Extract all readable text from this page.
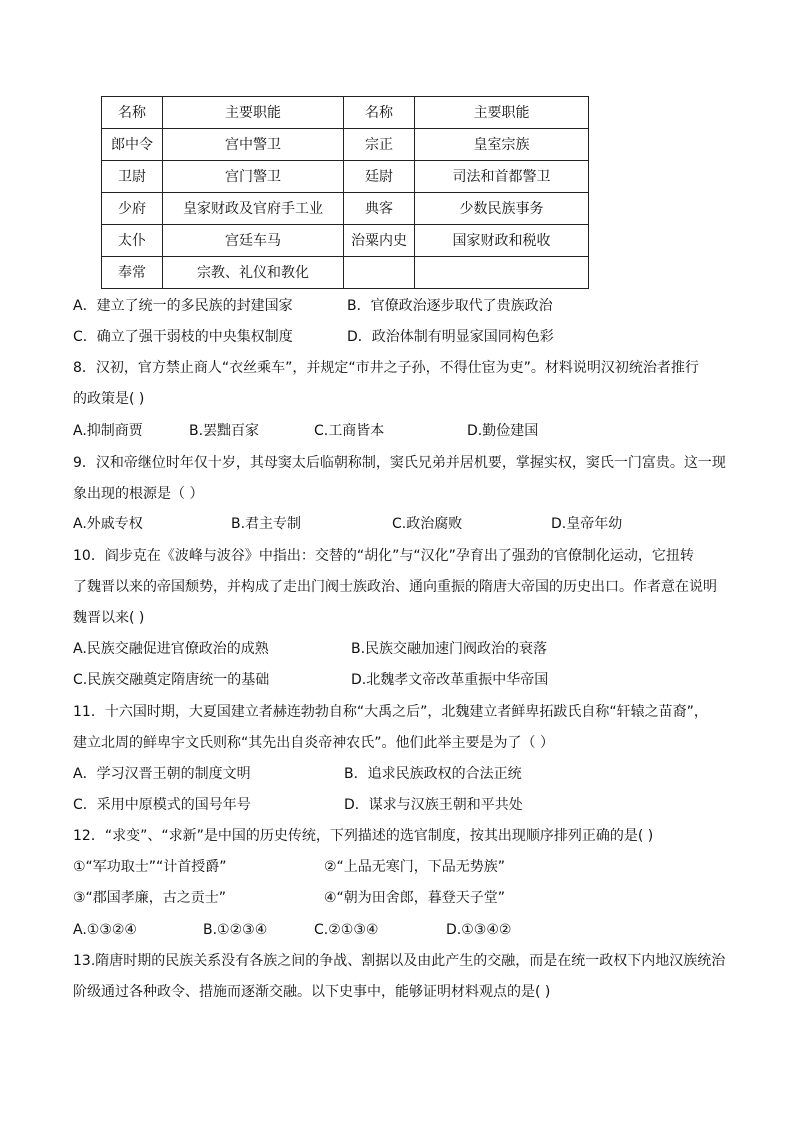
名称	主要职能	名称	主要职能
郎中令	宫中警卫	宗正	皇室宗族
卫尉	宫门警卫	廷尉	司法和首都警卫
少府	皇家财政及官府手工业	典客	少数民族事务
太仆	宫廷车马	治粟内史	国家财政和税收
奉常	宗教、礼仪和教化		
A．建立了统一的多民族的封建国家	B．官僚政治逐步取代了贵族政治
C．确立了强干弱枝的中央集权制度	D．政治体制有明显家国同构色彩
8．汉初，官方禁止商人“衣丝乘车”，并规定“市井之子孙，不得仕宦为吏”。材料说明汉初统治者推行
的政策是( )
A.抑制商贾	B.罢黜百家	C.工商皆本	D.勤俭建国
9．汉和帝继位时年仅十岁，其母窦太后临朝称制，窦氏兄弟并居机要，掌握实权，窦氏一门富贵。这一现
象出现的根源是（ ）
A.外戚专权	B.君主专制	C.政治腐败	D.皇帝年幼
10．阎步克在《波峰与波谷》中指出：交替的“胡化”与“汉化”孕育出了强劲的官僚制化运动，它扭转
了魏晋以来的帝国颓势，并构成了走出门阀士族政治、通向重振的隋唐大帝国的历史出口。作者意在说明
魏晋以来( )
A.民族交融促进官僚政治的成熟	B.民族交融加速门阀政治的衰落
C.民族交融奠定隋唐统一的基础	D.北魏孝文帝改革重振中华帝国
11．十六国时期，大夏国建立者赫连勃勃自称“大禹之后”，北魏建立者鲜卑拓跋氏自称“轩辕之苗裔”，
建立北周的鲜卑宇文氏则称“其先出自炎帝神农氏”。他们此举主要是为了（ ）
A．学习汉晋王朝的制度文明	B．追求民族政权的合法正统
C．采用中原模式的国号年号	D．谋求与汉族王朝和平共处
12．“求变”、“求新”是中国的历史传统，下列描述的选官制度，按其出现顺序排列正确的是( )
①“军功取士”“计首授爵”	②“上品无寒门，下品无势族”
③“郡国孝廉，古之贡士”	④“朝为田舍郎，暮登天子堂”
A.①③②④	B.①②③④	C.②①③④	D.①③④②
13.隋唐时期的民族关系没有各族之间的争战、割据以及由此产生的交融，而是在统一政权下内地汉族统治
阶级通过各种政令、措施而逐渐交融。以下史事中，能够证明材料观点的是( )
